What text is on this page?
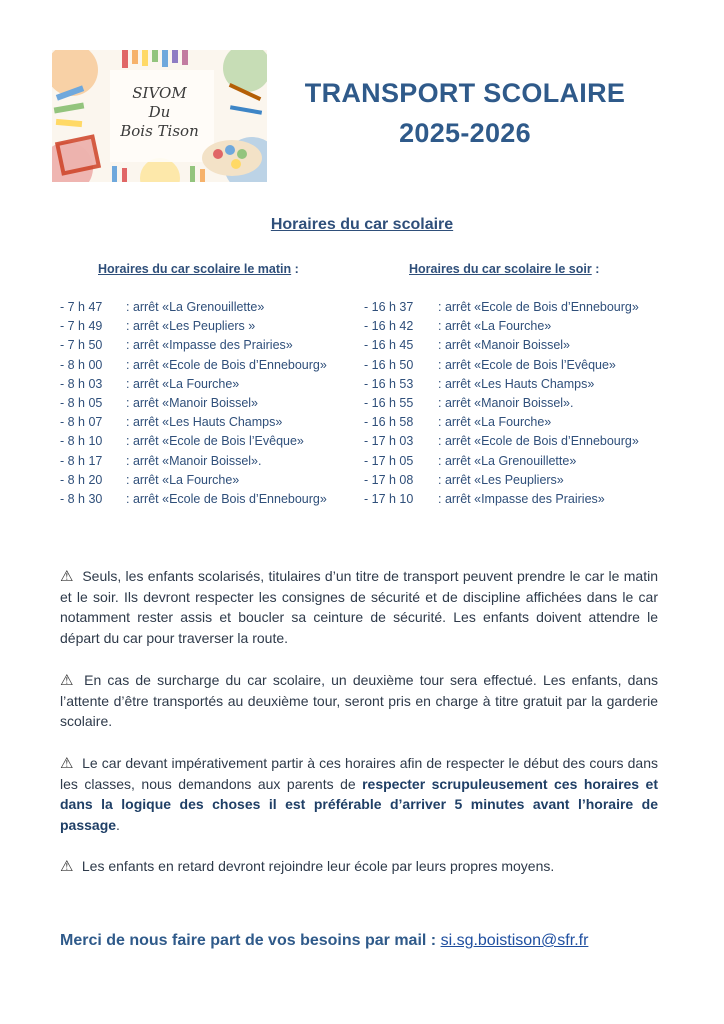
SIVOM
Du
Bois Tison
TRANSPORT SCOLAIRE
2025-2026
Horaires du car scolaire
Horaires du car scolaire le matin :	Horaires du car scolaire le soir :
- 7 h 47 : arrêt «La Grenouillette»
- 7 h 49 : arrêt «Les Peupliers »
- 7 h 50 : arrêt «Impasse des Prairies»
- 8 h 00 : arrêt «Ecole de Bois d’Ennebourg»
- 8 h 03 : arrêt «La Fourche»
- 8 h 05 : arrêt «Manoir Boissel»
- 8 h 07 : arrêt «Les Hauts Champs»
- 8 h 10 : arrêt «Ecole de Bois l’Evêque»
- 8 h 17 : arrêt «Manoir Boissel».
- 8 h 20 : arrêt «La Fourche»
- 8 h 30 : arrêt «Ecole de Bois d’Ennebourg»
- 16 h 37 : arrêt «Ecole de Bois d’Ennebourg»
- 16 h 42 : arrêt «La Fourche»
- 16 h 45 : arrêt «Manoir Boissel»
- 16 h 50 : arrêt «Ecole de Bois l’Evêque»
- 16 h 53 : arrêt «Les Hauts Champs»
- 16 h 55 : arrêt «Manoir Boissel».
- 16 h 58 : arrêt «La Fourche»
- 17 h 03 : arrêt «Ecole de Bois d’Ennebourg»
- 17 h 05 : arrêt «La Grenouillette»
- 17 h 08 : arrêt «Les Peupliers»
- 17 h 10 : arrêt «Impasse des Prairies»
⚠ Seuls, les enfants scolarisés, titulaires d’un titre de transport peuvent prendre le car le matin et le soir. Ils devront respecter les consignes de sécurité et de discipline affichées dans le car notamment rester assis et boucler sa ceinture de sécurité. Les enfants doivent attendre le départ du car pour traverser la route.
⚠ En cas de surcharge du car scolaire, un deuxième tour sera effectué. Les enfants, dans l’attente d’être transportés au deuxième tour, seront pris en charge à titre gratuit par la garderie scolaire.
⚠ Le car devant impérativement partir à ces horaires afin de respecter le début des cours dans les classes, nous demandons aux parents de respecter scrupuleusement ces horaires et dans la logique des choses il est préférable d’arriver 5 minutes avant l’horaire de passage.
⚠ Les enfants en retard devront rejoindre leur école par leurs propres moyens.
Merci de nous faire part de vos besoins par mail : si.sg.boistison@sfr.fr
